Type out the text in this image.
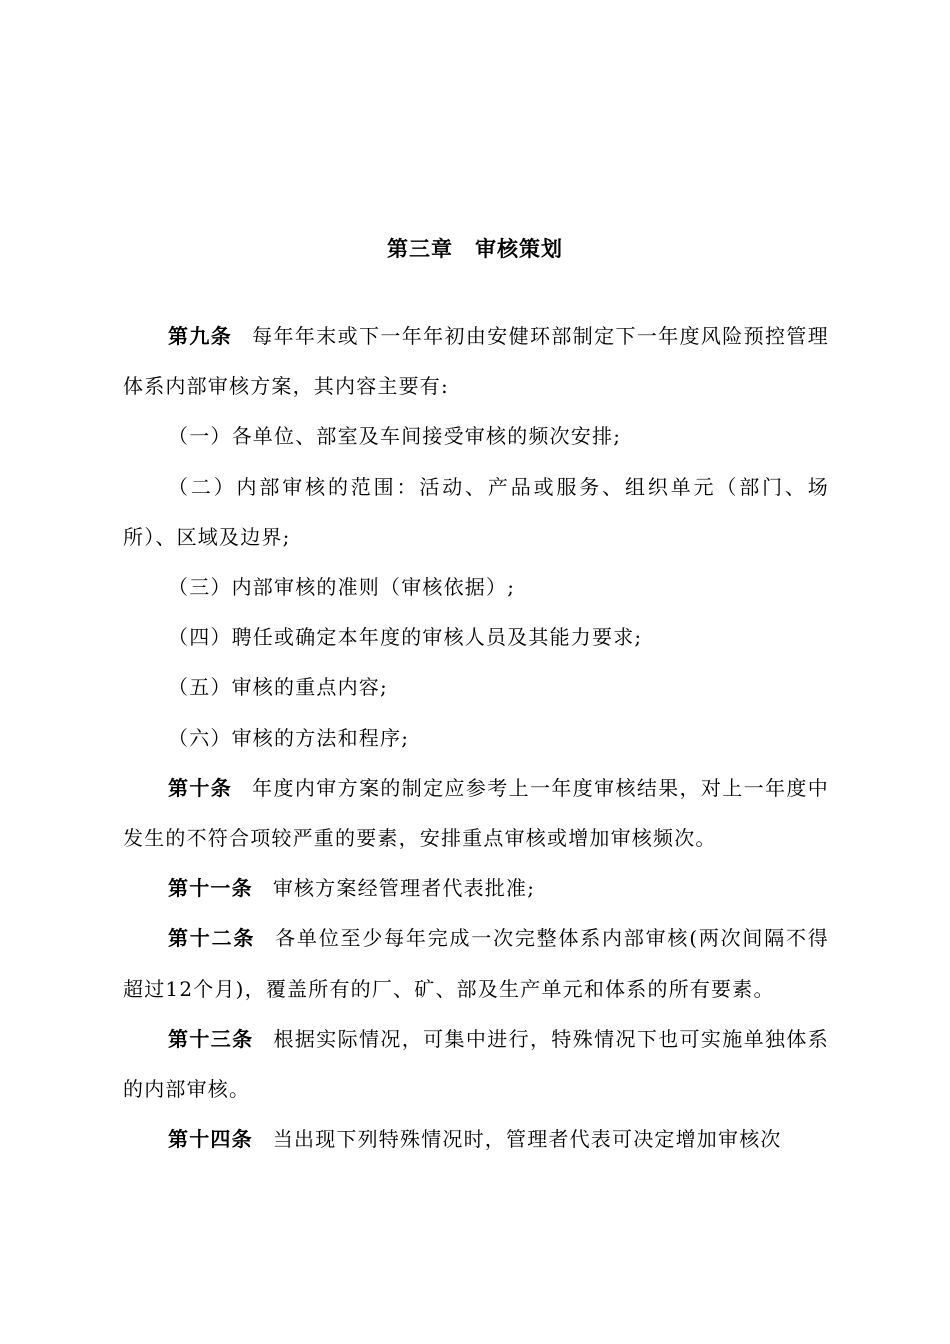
第三章　审核策划

第九条 每年年末或下一年年初由安健环部制定下一年度风险预控管理体系内部审核方案，其内容主要有:

（一）各单位、部室及车间接受审核的频次安排;

（二）内部审核的范围：活动、产品或服务、组织单元（部门、场所）、区域及边界;

（三）内部审核的准则（审核依据）;

（四）聘任或确定本年度的审核人员及其能力要求;

（五）审核的重点内容;

（六）审核的方法和程序;

第十条 年度内审方案的制定应参考上一年度审核结果，对上一年度中发生的不符合项较严重的要素，安排重点审核或增加审核频次。

第十一条 审核方案经管理者代表批准;

第十二条 各单位至少每年完成一次完整体系内部审核(两次间隔不得超过12个月)，覆盖所有的厂、矿、部及生产单元和体系的所有要素。

第十三条 根据实际情况，可集中进行，特殊情况下也可实施单独体系的内部审核。

第十四条 当出现下列特殊情况时，管理者代表可决定增加审核次
